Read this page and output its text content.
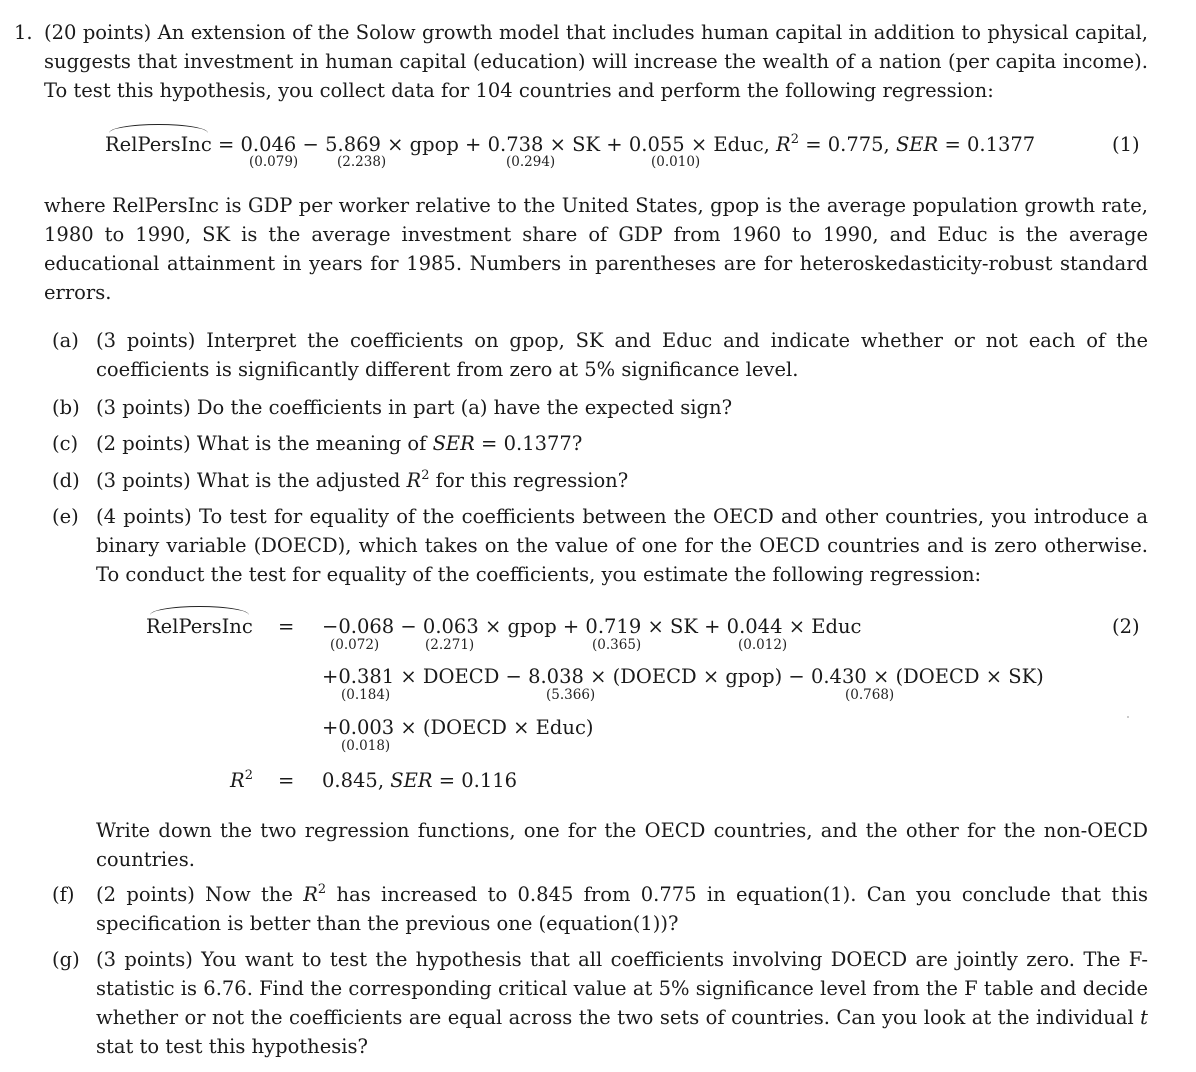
1. (20 points) An extension of the Solow growth model that includes human capital in addition to physical capital, suggests that investment in human capital (education) will increase the wealth of a nation (per capita income). To test this hypothesis, you collect data for 104 countries and perform the following regression:
RelPersInc = 0.046 − 5.869 × gpop + 0.738 × SK + 0.055 × Educ, $R^2 = 0.775$, SER = 0.1377	(1)
(0.079)	(2.238)	(0.294)	(0.010)
where RelPersInc is GDP per worker relative to the United States, gpop is the average population growth rate, 1980 to 1990, SK is the average investment share of GDP from 1960 to 1990, and Educ is the average educational attainment in years for 1985. Numbers in parentheses are for heteroskedasticity-robust standard errors.
(a) (3 points) Interpret the coefficients on gpop, SK and Educ and indicate whether or not each of the coefficients is significantly different from zero at 5% significance level.
(b) (3 points) Do the coefficients in part (a) have the expected sign?
(c) (2 points) What is the meaning of SER = 0.1377?
(d) (3 points) What is the adjusted $R^2$ for this regression?
(e) (4 points) To test for equality of the coefficients between the OECD and other countries, you introduce a binary variable (DOECD), which takes on the value of one for the OECD countries and is zero otherwise. To conduct the test for equality of the coefficients, you estimate the following regression:
RelPersInc =	(2)
−0.068 − 0.063 × gpop + 0.719 × SK + 0.044 × Educ
(0.072)	(2.271)	(0.365)	(0.012)
+0.381 × DOECD − 8.038 × (DOECD × gpop) − 0.430 × (DOECD × SK)
(0.184)	(5.366)	(0.768)
+0.003 × (DOECD × Educ)
(0.018)
$R^2 = 0.845$, SER = 0.116
Write down the two regression functions, one for the OECD countries, and the other for the non-OECD countries.
(f) (2 points) Now the $R^2$ has increased to 0.845 from 0.775 in equation(1). Can you conclude that this specification is better than the previous one (equation(1))?
(g) (3 points) You want to test the hypothesis that all coefficients involving DOECD are jointly zero. The F-statistic is 6.76. Find the corresponding critical value at 5% significance level from the F table and decide whether or not the coefficients are equal across the two sets of countries. Can you look at the individual t stat to test this hypothesis?
